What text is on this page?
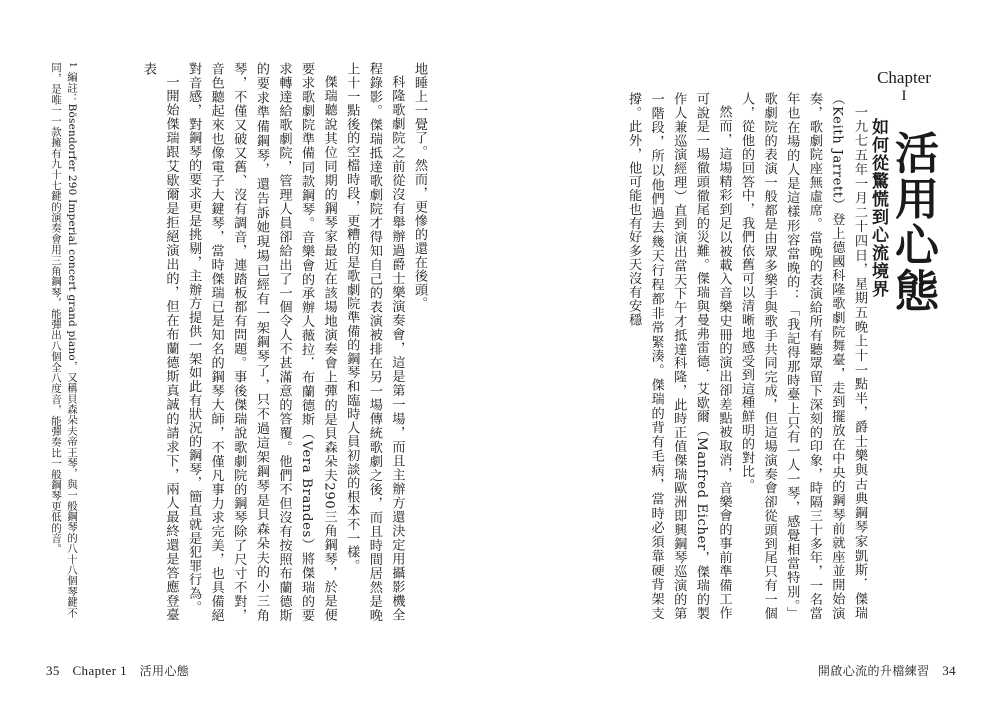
地睡上一覺了。然而，更慘的還在後頭。

科隆歌劇院之前從沒有舉辦過爵士樂演奏會，這是第一場，而且主辦方還決定用攝影機全程錄影。傑瑞抵達歌劇院才得知自己的表演被排在另一場傳統歌劇之後，而且時間居然是晚上十一點後的空檔時段，更糟的是歌劇院準備的鋼琴和臨時人員初談的根本不一樣。

傑瑞聽說其位同期的鋼琴家最近在該場地演奏會上彈的是貝森朵夫290三角鋼琴，於是便要求歌劇院準備同款鋼琴。音樂會的承辦人薇拉．布蘭德斯（Vera Brandes）將傑瑞的要求轉達給歌劇院，管理人員卻給出了一個令人不甚滿意的答覆。他們不但沒有按照布蘭德斯的要求準備鋼琴，還告訴她現場已經有一架鋼琴了，只不過這架鋼琴是貝森朵夫的小三角琴，不僅又破又舊、沒有調音，連踏板都有問題。事後傑瑞說歌劇院的鋼琴除了尺寸不對，音色聽起來也像電子大鍵琴，當時傑瑞已是知名的鋼琴大師，不僅凡事力求完美，也具備絕對音感，對鋼琴的要求更是挑剔，主辦方提供一架如此有狀況的鋼琴，簡直就是犯罪行為。

一開始傑瑞跟艾歇爾是拒絕演出的，但在布蘭德斯真誠的請求下，兩人最終還是答應登臺表

1 編註：Bösendorfer 290 Imperial concert grand piano，又稱貝森朵夫帝王琴，與一般鋼琴的八十八個琴鍵不同，是唯一一款擁有九十七鍵的演奏會用三角鋼琴，能彈出八個全八度音，能彈奏比一般鋼琴更低的音。
35 Chapter 1 活用心態
Chapter
I
活用心態
如何從驚慌到心流境界

一九七五年一月二十四日，星期五晚上十一點半，爵士樂與古典鋼琴家凱斯．傑瑞（Keith Jarrett）登上德國科隆歌劇院舞臺，走到擺放在中央的鋼琴前就座並開始演奏，歌劇院座無虛席。當晚的表演給所有聽眾留下深刻的印象，時隔三十多年，一名當年也在場的人是這樣形容當晚的：「我記得那時臺上只有一人一琴，感覺相當特別。」歌劇院的表演一般都是由眾多樂手與歌手共同完成，但這場演奏會卻從頭到尾只有一個人，從他的回答中，我們依舊可以清晰地感受到這種鮮明的對比。

然而，這場精彩到足以被載入音樂史冊的演出卻差點被取消，音樂會的事前準備工作可說是一場徹頭徹尾的災難。傑瑞與曼弗雷德．艾歇爾（Manfred Eicher，傑瑞的製作人兼巡演經理）直到演出當天下午才抵達科隆，此時正值傑瑞歐洲即興鋼琴巡演的第一階段，所以他們過去幾天行程都非常緊湊。傑瑞的背有毛病，當時必須靠硬背架支撐。此外，他可能也有好多天沒有安穩

開啟心流的升檔練習 34
